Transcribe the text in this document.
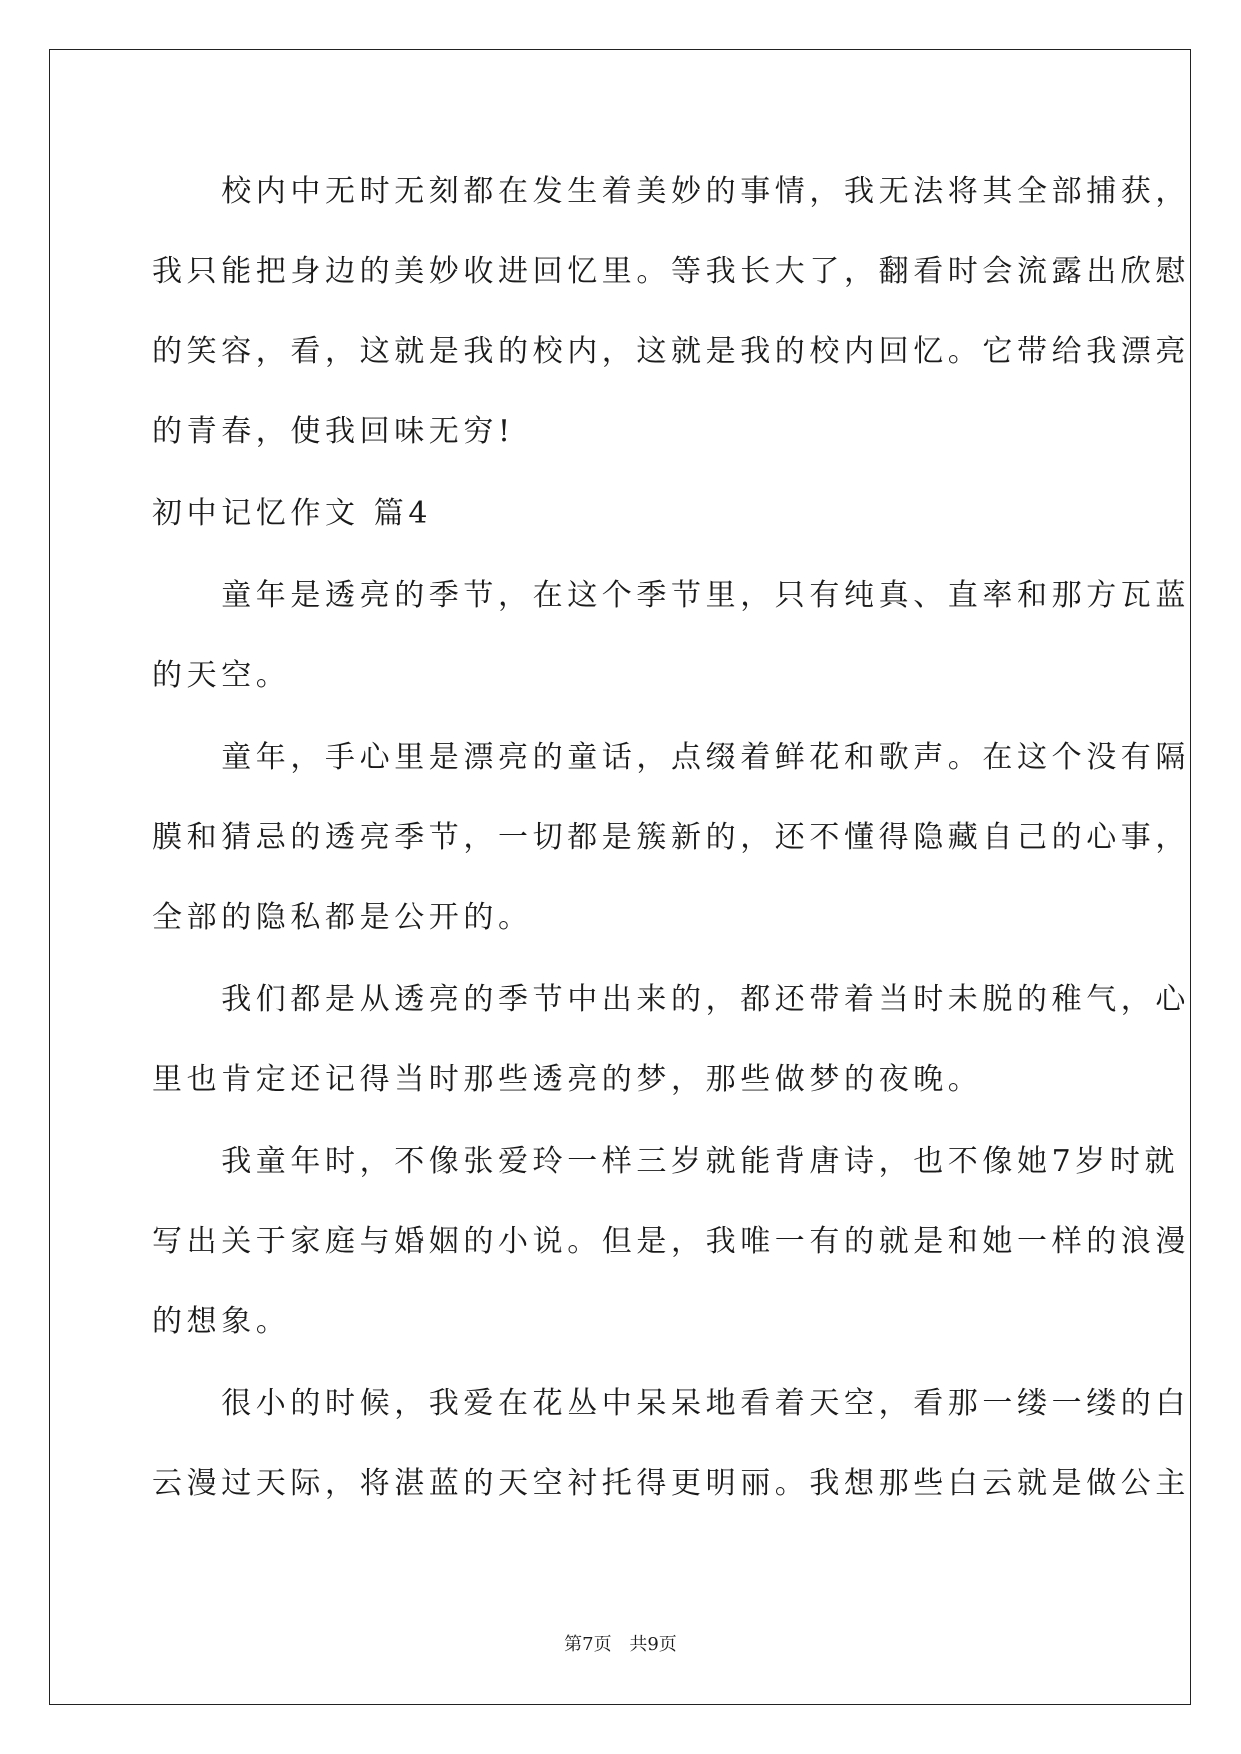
　　校内中无时无刻都在发生着美妙的事情，我无法将其全部捕获，
我只能把身边的美妙收进回忆里。等我长大了，翻看时会流露出欣慰
的笑容，看，这就是我的校内，这就是我的校内回忆。它带给我漂亮
的青春，使我回味无穷!
初中记忆作文 篇4
　　童年是透亮的季节，在这个季节里，只有纯真、直率和那方瓦蓝
的天空。
　　童年，手心里是漂亮的童话，点缀着鲜花和歌声。在这个没有隔
膜和猜忌的透亮季节，一切都是簇新的，还不懂得隐藏自己的心事，
全部的隐私都是公开的。
　　我们都是从透亮的季节中出来的，都还带着当时未脱的稚气，心
里也肯定还记得当时那些透亮的梦，那些做梦的夜晚。
　　我童年时，不像张爱玲一样三岁就能背唐诗，也不像她7岁时就
写出关于家庭与婚姻的小说。但是，我唯一有的就是和她一样的浪漫
的想象。
　　很小的时候，我爱在花丛中呆呆地看着天空，看那一缕一缕的白
云漫过天际，将湛蓝的天空衬托得更明丽。我想那些白云就是做公主
第7页 共9页
